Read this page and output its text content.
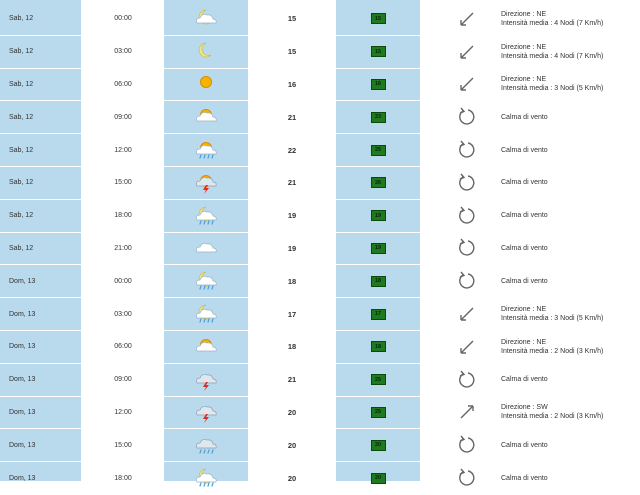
Sab, 12	00:00	15	15
Direzione : NE
Intensità media : 4 Nodi (7 Km/h)
Sab, 12	03:00	15	15
Direzione : NE
Intensità media : 4 Nodi (7 Km/h)
Sab, 12	06:00	16	16
Direzione : NE
Intensità media : 3 Nodi (5 Km/h)
Sab, 12	09:00	21	23	Calma di vento
Sab, 12	12:00	22	25	Calma di vento
Sab, 12	15:00	21	26	Calma di vento
Sab, 12	18:00	19	19	Calma di vento
Sab, 12	21:00	19	19	Calma di vento
Dom, 13	00:00	18	18	Calma di vento
Dom, 13	03:00	17	17
Direzione : NE
Intensità media : 3 Nodi (5 Km/h)
Dom, 13	06:00	18	18
Direzione : NE
Intensità media : 2 Nodi (3 Km/h)
Dom, 13	09:00	21	25	Calma di vento
Dom, 13	12:00	20	25
Direzione : SW
Intensità media : 2 Nodi (3 Km/h)
Dom, 13	15:00	20	20	Calma di vento
Dom, 13	18:00	20	20	Calma di vento
